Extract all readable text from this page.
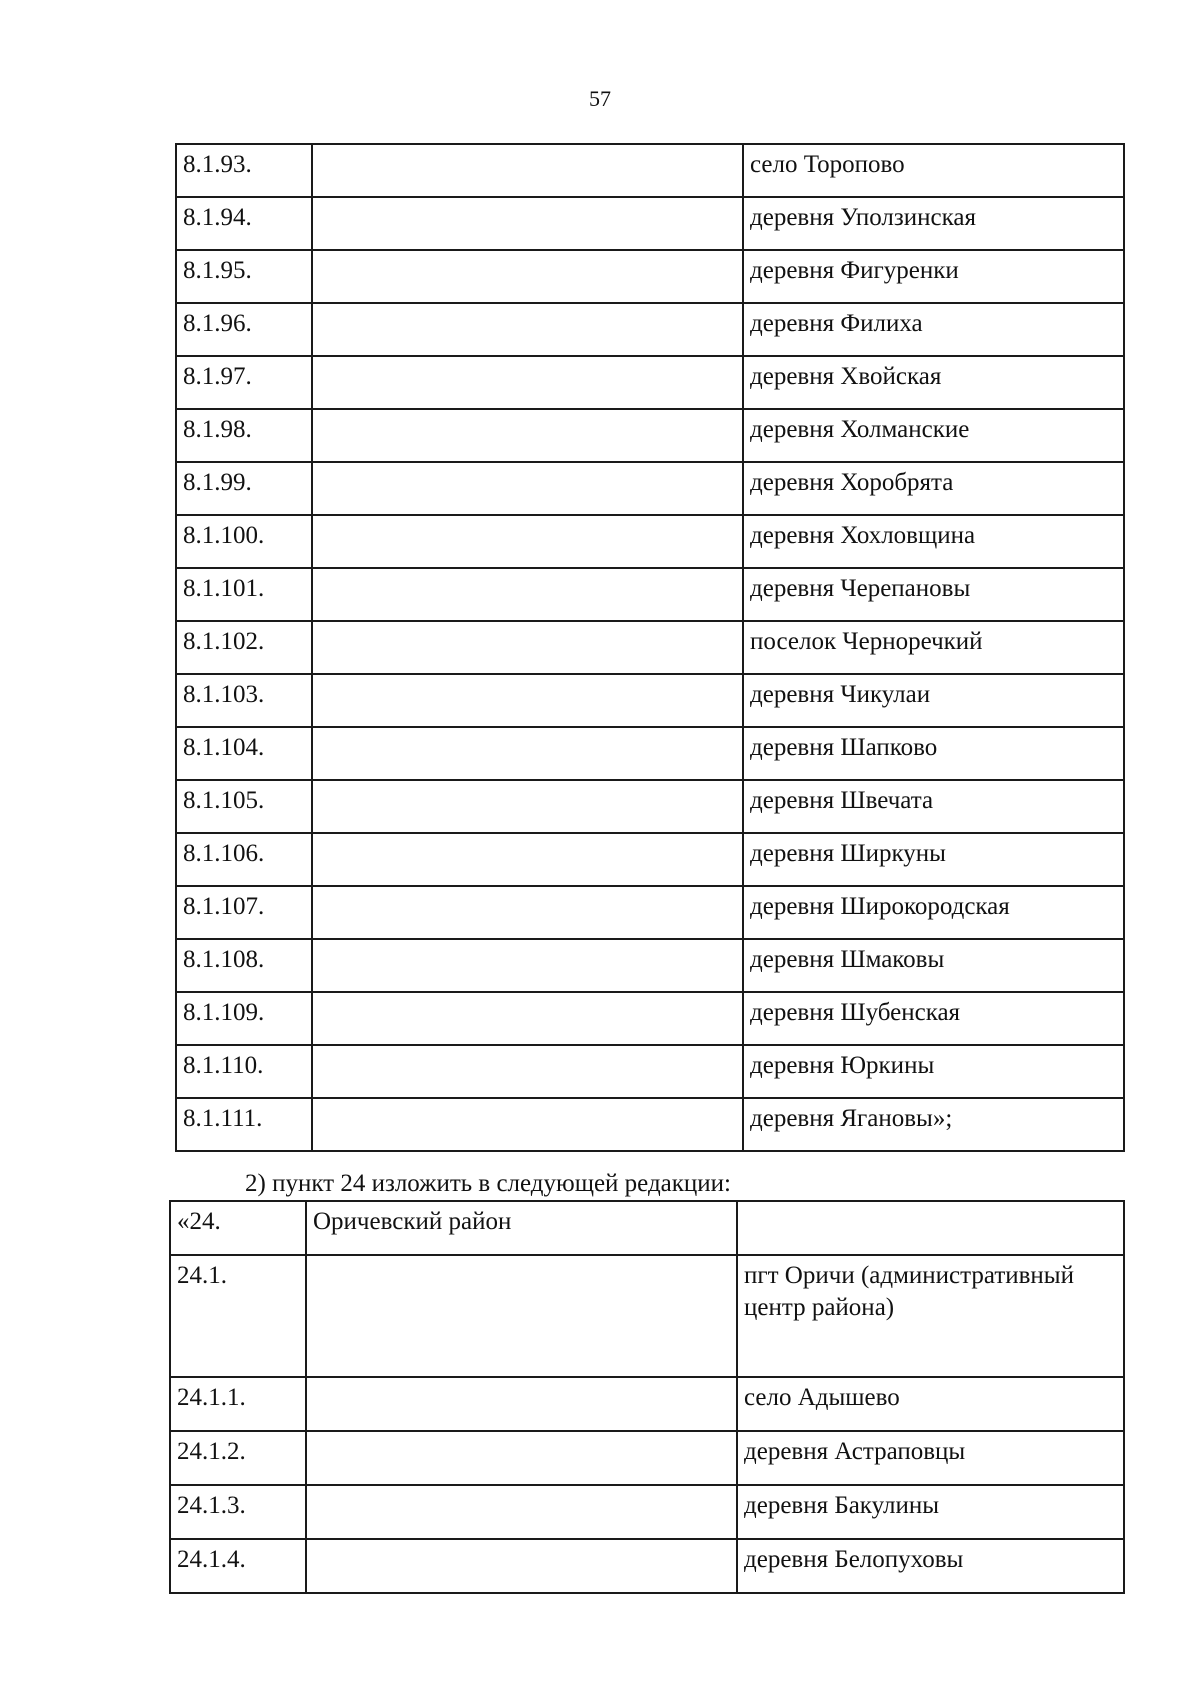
57
8.1.93.		село Торопово
8.1.94.		деревня Уползинская
8.1.95.		деревня Фигуренки
8.1.96.		деревня Филиха
8.1.97.		деревня Хвойская
8.1.98.		деревня Холманские
8.1.99.		деревня Хоробрята
8.1.100.		деревня Хохловщина
8.1.101.		деревня Черепановы
8.1.102.		поселок Черноречкий
8.1.103.		деревня Чикулаи
8.1.104.		деревня Шапково
8.1.105.		деревня Швечата
8.1.106.		деревня Ширкуны
8.1.107.		деревня Широкородская
8.1.108.		деревня Шмаковы
8.1.109.		деревня Шубенская
8.1.110.		деревня Юркины
8.1.111.		деревня Ягановы»;

2) пункт 24 изложить в следующей редакции:

«24.	Оричевский район	
24.1.		пгт Оричи (административный центр района)
24.1.1.		село Адышево
24.1.2.		деревня Астраповцы
24.1.3.		деревня Бакулины
24.1.4.		деревня Белопуховы
